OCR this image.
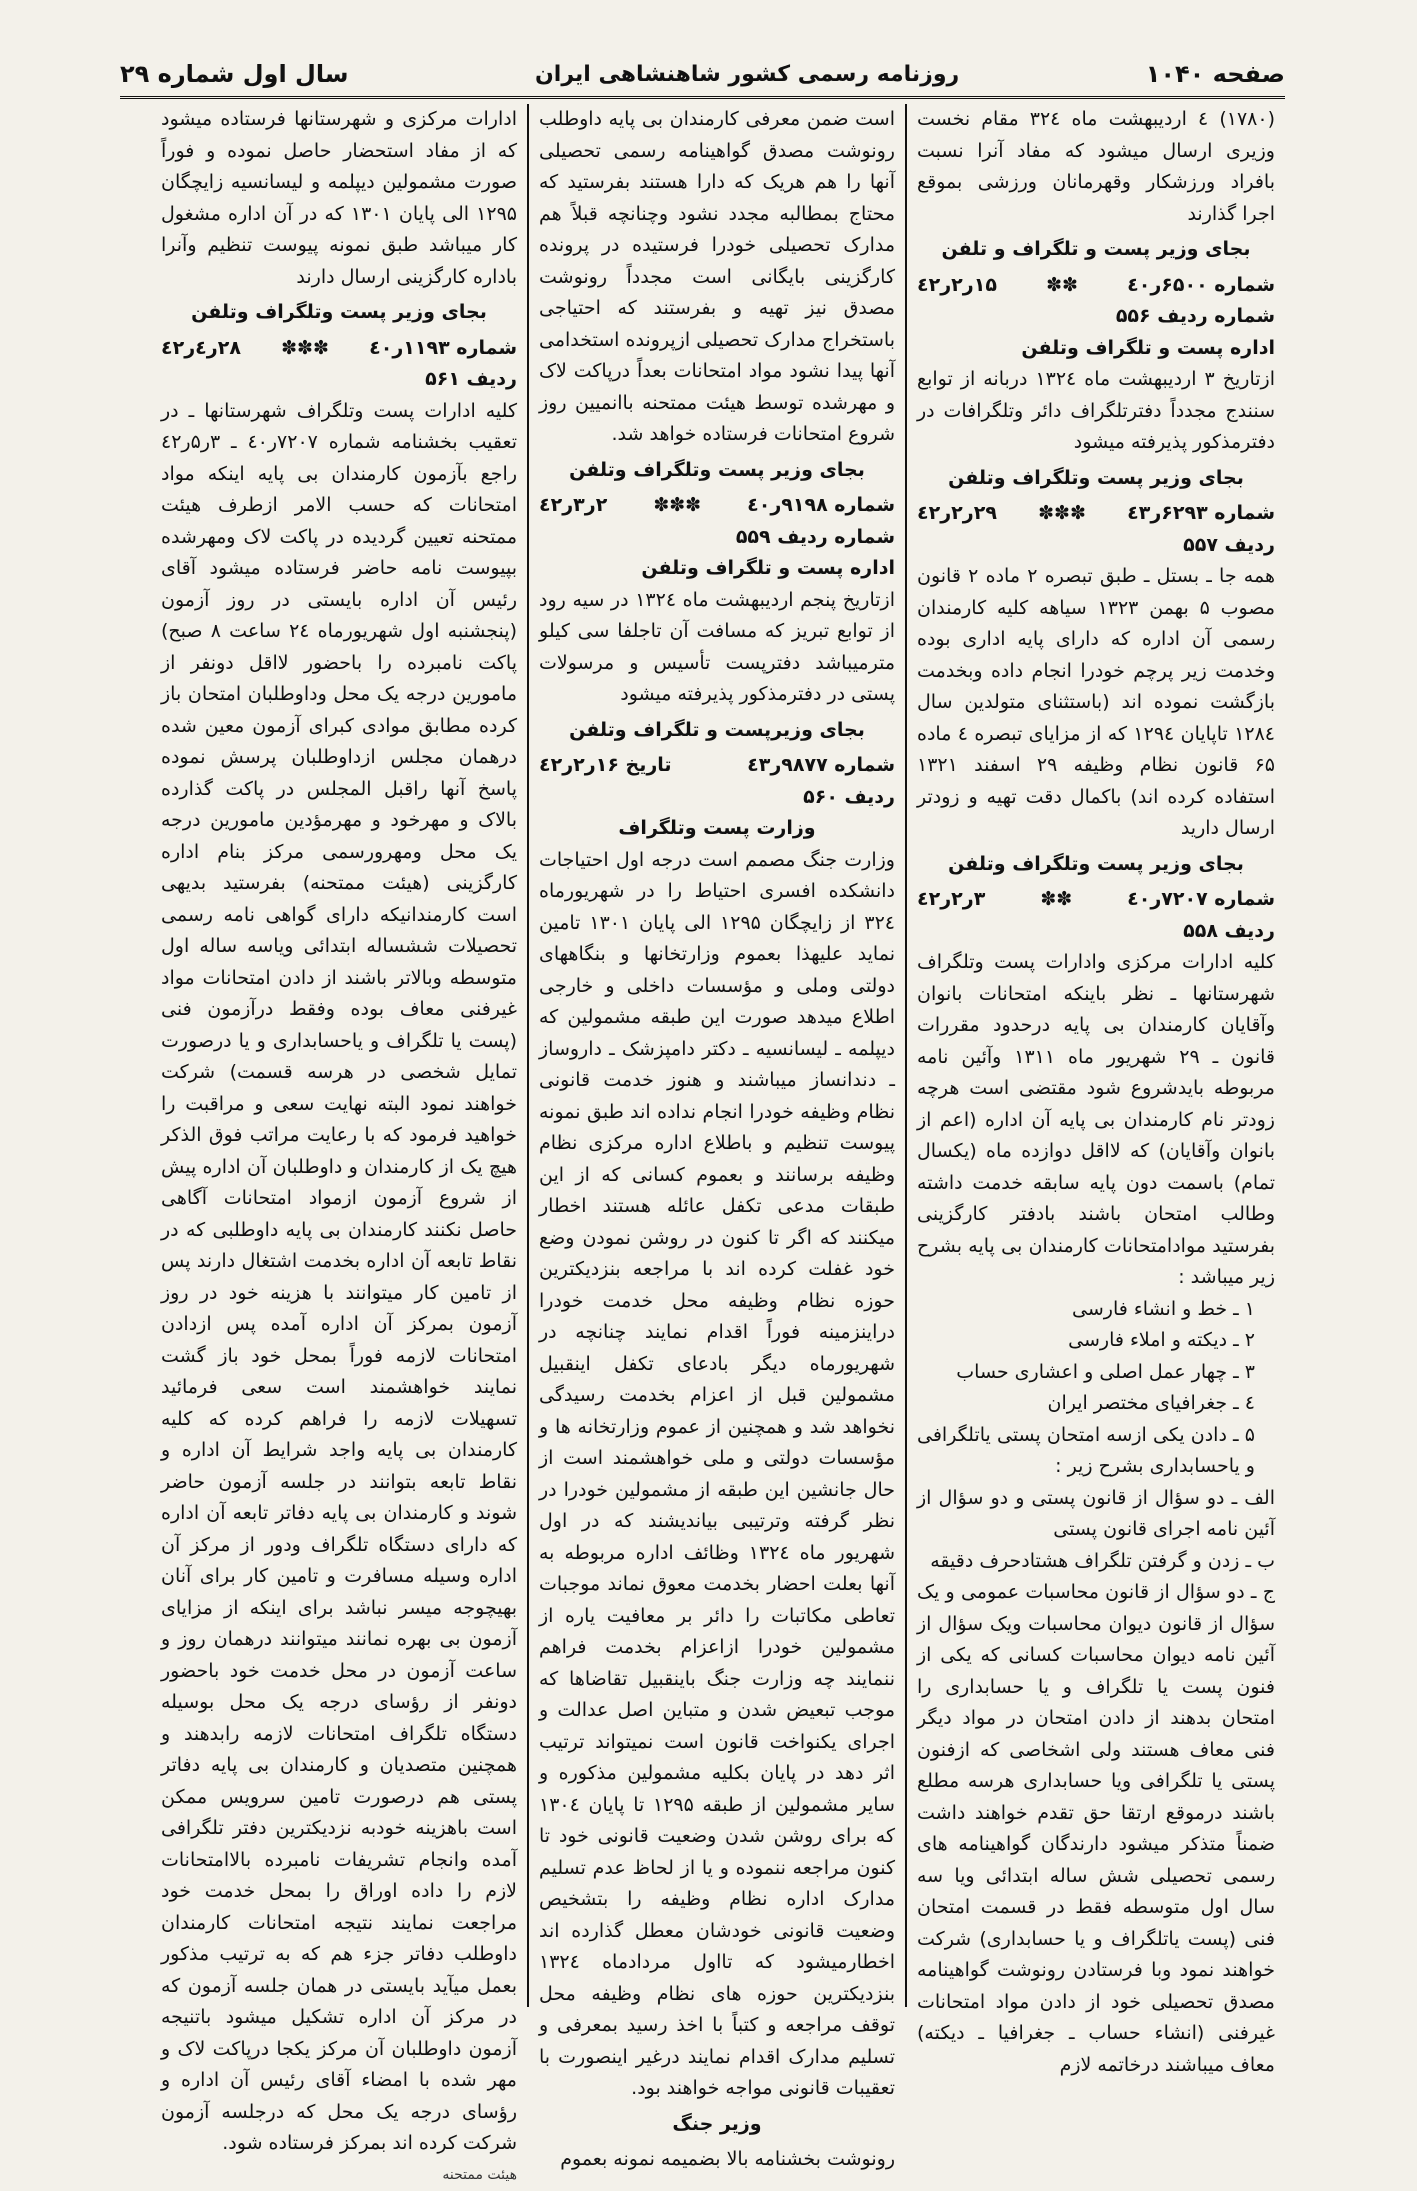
صفحه ۱۰۴۰
روزنامه رسمی کشور شاهنشاهی ایران
سال اول شماره ۲۹

(۱۷۸۰) ٤ اردیبهشت ماه ۳۲٤ مقام نخست وزیری ارسال میشود که مفاد آنرا نسبت بافراد ورزشکار وقهرمانان ورزشی بموقع اجرا گذارند

بجای وزیر پست و تلگراف و تلفن
شماره ۶۵۰۰ر٤۰
✽✽
۱۵ر۲ر٤۲
شماره ردیف ۵۵۶
اداره پست و تلگراف وتلفن

ازتاریخ ۳ اردیبهشت ماه ۱۳۲٤ دربانه از توابع سنندج مجدداً دفترتلگراف دائر وتلگرافات در دفترمذکور پذیرفته میشود

بجای وزیر پست وتلگراف وتلفن
شماره ۶۲۹۳ر٤۳
✽✽✽
۲۹ر۲ر٤۲
ردیف ۵۵۷

همه جا ـ بستل ـ طبق تبصره ۲ ماده ۲ قانون مصوب ۵ بهمن ۱۳۲۳ سیاهه کلیه کارمندان رسمی آن اداره که دارای پایه اداری بوده وخدمت زیر پرچم خودرا انجام داده وبخدمت بازگشت نموده اند (باستثنای متولدین سال ۱۲۸٤ تاپایان ۱۲۹٤ که از مزایای تبصره ٤ ماده ۶۵ قانون نظام وظیفه ۲۹ اسفند ۱۳۲۱ استفاده کرده اند) باکمال دقت تهیه و زودتر ارسال دارید

بجای وزیر پست وتلگراف وتلفن
شماره ۷۲۰۷ر٤۰
✽✽
۳ر۲ر٤۲
ردیف ۵۵۸

کلیه ادارات مرکزی وادارات پست وتلگراف شهرستانها ـ نظر باینکه امتحانات بانوان وآقایان کارمندان بی پایه درحدود مقررات قانون ـ ۲۹ شهریور ماه ۱۳۱۱ وآئین نامه مربوطه بایدشروع شود مقتضی است هرچه زودتر نام کارمندان بی پایه آن اداره (اعم از بانوان وآقایان) که لااقل دوازده ماه (یکسال تمام) باسمت دون پایه سابقه خدمت داشته وطالب امتحان باشند بادفتر کارگزینی بفرستید موادامتحانات کارمندان بی پایه بشرح زیر میباشد :

۱ ـ خط و انشاء فارسی
۲ ـ دیکته و املاء فارسی
۳ ـ چهار عمل اصلی و اعشاری حساب
٤ ـ جغرافیای مختصر ایران
۵ ـ دادن یکی ازسه امتحان پستی یاتلگرافی و یاحسابداری بشرح زیر :

الف ـ دو سؤال از قانون پستی و دو سؤال از آئین نامه اجرای قانون پستی

ب ـ زدن و گرفتن تلگراف هشتادحرف دقیقه

ج ـ دو سؤال از قانون محاسبات عمومی و یک سؤال از قانون دیوان محاسبات ویک سؤال از آئین نامه دیوان محاسبات کسانی که یکی از فنون پست یا تلگراف و یا حسابداری را امتحان بدهند از دادن امتحان در مواد دیگر فنی معاف هستند ولی اشخاصی که ازفنون پستی یا تلگرافی ویا حسابداری هرسه مطلع باشند درموقع ارتقا حق تقدم خواهند داشت ضمناً متذکر میشود دارندگان گواهینامه های رسمی تحصیلی شش ساله ابتدائی ویا سه سال اول متوسطه فقط در قسمت امتحان فنی (پست یاتلگراف و یا حسابداری) شرکت خواهند نمود وبا فرستادن رونوشت گواهینامه مصدق تحصیلی خود از دادن مواد امتحانات غیرفنی (انشاء حساب ـ جغرافیا ـ دیکته) معاف میباشند درخاتمه لازم

است ضمن معرفی کارمندان بی پایه داوطلب رونوشت مصدق گواهینامه رسمی تحصیلی آنها را هم هریک که دارا هستند بفرستید که محتاج بمطالبه مجدد نشود وچنانچه قبلاً هم مدارک تحصیلی خودرا فرستیده در پرونده کارگزینی بایگانی است مجدداً رونوشت مصدق نیز تهیه و بفرستند که احتیاجی باستخراج مدارک تحصیلی ازپرونده استخدامی آنها پیدا نشود مواد امتحانات بعداً درپاکت لاک و مهرشده توسط هیئت ممتحنه باانمیین روز شروع امتحانات فرستاده خواهد شد.

بجای وزیر پست وتلگراف وتلفن
شماره ۹۱۹۸ر٤۰
✽✽✽
۲ر۳ر٤۲
شماره ردیف ۵۵۹
اداره پست و تلگراف وتلفن

ازتاریخ پنجم اردیبهشت ماه ۱۳۲٤ در سیه رود از توابع تبریز که مسافت آن تاجلفا سی کیلو مترمیباشد دفترپست تأسیس و مرسولات پستی در دفترمذکور پذیرفته میشود

بجای وزیرپست و تلگراف وتلفن
شماره ۹۸۷۷ر٤۳
تاریخ ۱۶ر۲ر٤۲
ردیف ۵۶۰
وزارت پست وتلگراف

وزارت جنگ مصمم است درجه اول احتیاجات دانشکده افسری احتیاط را در شهریورماه ۳۲٤ از زایچگان ۱۲۹۵ الی پایان ۱۳۰۱ تامین نماید علیهذا بعموم وزارتخانها و بنگاههای دولتی وملی و مؤسسات داخلی و خارجی اطلاع میدهد صورت این طبقه مشمولین که دیپلمه ـ لیسانسیه ـ دکتر دامپزشک ـ داروساز ـ دندانساز میباشند و هنوز خدمت قانونی نظام وظیفه خودرا انجام نداده اند طبق نمونه پیوست تنظیم و باطلاع اداره مرکزی نظام وظیفه برسانند و بعموم کسانی که از این طبقات مدعی تکفل عائله هستند اخطار میکنند که اگر تا کنون در روشن نمودن وضع خود غفلت کرده اند با مراجعه بنزدیکترین حوزه نظام وظیفه محل خدمت خودرا دراینزمینه فوراً اقدام نمایند چنانچه در شهریورماه دیگر بادعای تکفل اینقبیل مشمولین قبل از اعزام بخدمت رسیدگی نخواهد شد و همچنین از عموم وزارتخانه ها و مؤسسات دولتی و ملی خواهشمند است از حال جانشین این طبقه از مشمولین خودرا در نظر گرفته وترتیبی بیاندیشند که در اول شهریور ماه ۱۳۲٤ وظائف اداره مربوطه به آنها بعلت احضار بخدمت معوق نماند موجبات تعاطی مکاتبات را دائر بر معافیت یاره از مشمولین خودرا ازاعزام بخدمت فراهم ننمایند چه وزارت جنگ باینقبیل تقاضاها که موجب تبعیض شدن و متباین اصل عدالت و اجرای یکنواخت قانون است نمیتواند ترتیب اثر دهد در پایان بکلیه مشمولین مذکوره و سایر مشمولین از طبقه ۱۲۹۵ تا پایان ۱۳۰٤ که برای روشن شدن وضعیت قانونی خود تا کنون مراجعه ننموده و یا از لحاظ عدم تسلیم مدارک اداره نظام وظیفه را بتشخیص وضعیت قانونی خودشان معطل گذارده اند اخطارمیشود که تااول مردادماه ۱۳۲٤ بنزدیکترین حوزه های نظام وظیفه محل توقف مراجعه و کتباً با اخذ رسید بمعرفی و تسلیم مدارک اقدام نمایند درغیر اینصورت با تعقیبات قانونی مواجه خواهند بود.

وزیر جنگ

رونوشت بخشنامه بالا بضمیمه نمونه بعموم

ادارات مرکزی و شهرستانها فرستاده میشود که از مفاد استحضار حاصل نموده و فوراً صورت مشمولین دیپلمه و لیسانسیه زایچگان ۱۲۹۵ الی پایان ۱۳۰۱ که در آن اداره مشغول کار میباشد طبق نمونه پیوست تنظیم وآنرا باداره کارگزینی ارسال دارند

بجای وزیر پست وتلگراف وتلفن
شماره ۱۱۹۳ر٤۰
✽✽✽
۲۸ر٤ر٤۲
ردیف ۵۶۱

کلیه ادارات پست وتلگراف شهرستانها ـ در تعقیب بخشنامه شماره ۷۲۰۷ر٤۰ ـ ۳ر۵ر٤۲ راجع بآزمون کارمندان بی پایه اینکه مواد امتحانات که حسب الامر ازطرف هیئت ممتحنه تعیین گردیده در پاکت لاک ومهرشده بپیوست نامه حاضر فرستاده میشود آقای رئیس آن اداره بایستی در روز آزمون (پنجشنبه اول شهریورماه ۲٤ ساعت ۸ صبح) پاکت نامبرده را باحضور لااقل دونفر از مامورین درجه یک محل وداوطلبان امتحان باز کرده مطابق موادی کبرای آزمون معین شده درهمان مجلس ازداوطلبان پرسش نموده پاسخ آنها راقبل المجلس در پاکت گذارده بالاک و مهرخود و مهرمؤدین مامورین درجه یک محل ومهرورسمی مرکز بنام اداره کارگزینی (هیئت ممتحنه) بفرستید بدیهی است کارمندانیکه دارای گواهی نامه رسمی تحصیلات ششساله ابتدائی ویاسه ساله اول متوسطه وبالاتر باشند از دادن امتحانات مواد غیرفنی معاف بوده وفقط درآزمون فنی (پست یا تلگراف و یاحسابداری و یا درصورت تمایل شخصی در هرسه قسمت) شرکت خواهند نمود البته نهایت سعی و مراقبت را خواهید فرمود که با رعایت مراتب فوق الذکر هیچ یک از کارمندان و داوطلبان آن اداره پیش از شروع آزمون ازمواد امتحانات آگاهی حاصل نکنند کارمندان بی پایه داوطلبی که در نقاط تابعه آن اداره بخدمت اشتغال دارند پس از تامین کار میتوانند با هزینه خود در روز آزمون بمرکز آن اداره آمده پس ازدادن امتحانات لازمه فوراً بمحل خود باز گشت نمایند خواهشمند است سعی فرمائید تسهیلات لازمه را فراهم کرده که کلیه کارمندان بی پایه واجد شرایط آن اداره و نقاط تابعه بتوانند در جلسه آزمون حاضر شوند و کارمندان بی پایه دفاتر تابعه آن اداره که دارای دستگاه تلگراف ودور از مرکز آن اداره وسیله مسافرت و تامین کار برای آنان بهیچوجه میسر نباشد برای اینکه از مزایای آزمون بی بهره نمانند میتوانند درهمان روز و ساعت آزمون در محل خدمت خود باحضور دونفر از رؤسای درجه یک محل بوسیله دستگاه تلگراف امتحانات لازمه رابدهند و همچنین متصدیان و کارمندان بی پایه دفاتر پستی هم درصورت تامین سرویس ممکن است باهزینه خودبه نزدیکترین دفتر تلگرافی آمده وانجام تشریفات نامبرده بالاامتحانات لازم را داده اوراق را بمحل خدمت خود مراجعت نمایند نتیجه امتحانات کارمندان داوطلب دفاتر جزء هم که به ترتیب مذکور بعمل میآید بایستی در همان جلسه آزمون که در مرکز آن اداره تشکیل میشود باتنیجه آزمون داوطلبان آن مرکز یکجا درپاکت لاک و مهر شده با امضاء آقای رئیس آن اداره و رؤسای درجه یک محل که درجلسه آزمون شرکت کرده اند بمرکز فرستاده شود.

هیئت ممتحنه
